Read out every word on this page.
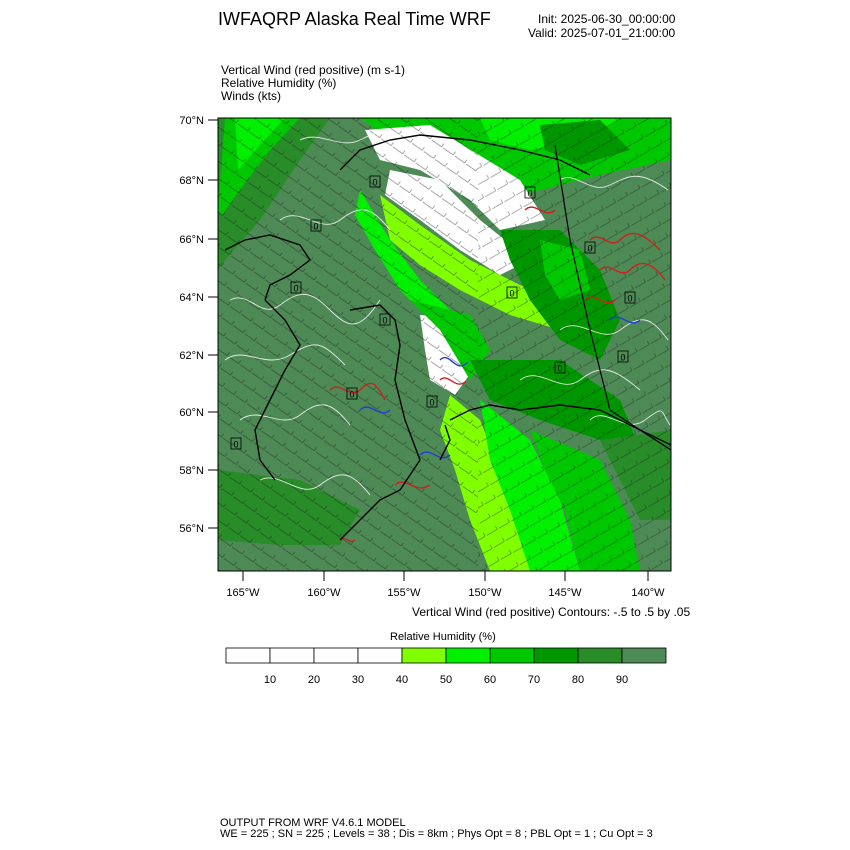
IWFAQRP Alaska Real Time WRF	Init: 2025-06-30_00:00:00
Valid: 2025-07-01_21:00:00
Vertical Wind (red positive) (m s-1)
Relative Humidity (%)
Winds (kts)
0
0
0
0
0
0
0
0
0
0
0
0
0
70°N
68°N
66°N
64°N
62°N
60°N
58°N
56°N
165°W	160°W	155°W	150°W	145°W	140°W
10	20	30	40	50	60	70	80	90
Vertical Wind (red positive) Contours: -.5 to .5 by .05
Relative Humidity (%)
OUTPUT FROM WRF V4.6.1 MODEL
WE = 225 ; SN = 225 ; Levels = 38 ; Dis = 8km ; Phys Opt = 8 ; PBL Opt = 1 ; Cu Opt = 3
